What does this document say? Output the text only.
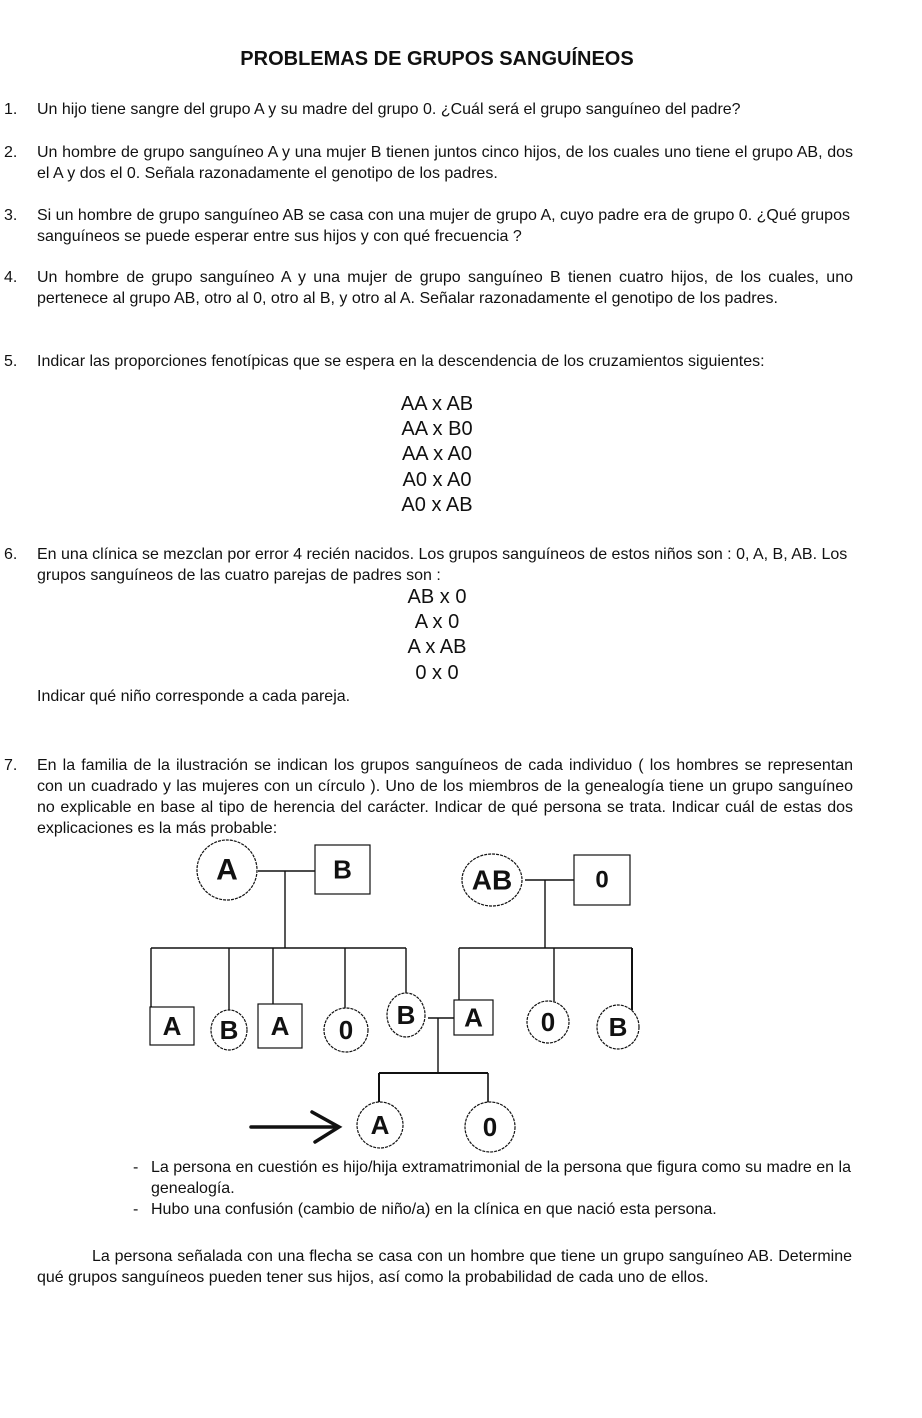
PROBLEMAS DE GRUPOS SANGUÍNEOS
1. Un hijo tiene sangre del grupo A y su madre del grupo 0. ¿Cuál será el grupo sanguíneo del padre?
2. Un hombre de grupo sanguíneo A y una mujer B tienen juntos cinco hijos, de los cuales uno tiene el grupo AB, dos el A y dos el 0. Señala razonadamente el genotipo de los padres.
3. Si un hombre de grupo sanguíneo AB se casa con una mujer de grupo A, cuyo padre era de grupo 0. ¿Qué grupos sanguíneos se puede esperar entre sus hijos y con qué frecuencia ?
4. Un hombre de grupo sanguíneo A y una mujer de grupo sanguíneo B tienen cuatro hijos, de los cuales, uno pertenece al grupo AB, otro al 0, otro al B, y otro al A. Señalar razonadamente el genotipo de los padres.
5. Indicar las proporciones fenotípicas que se espera en la descendencia de los cruzamientos siguientes:
AA x AB
AA x B0
AA x A0
A0 x A0
A0 x AB
6. En una clínica se mezclan por error 4 recién nacidos. Los grupos sanguíneos de estos niños son : 0, A, B, AB. Los grupos sanguíneos de las cuatro parejas de padres son :
AB x 0
A x 0
A x AB
0 x 0
Indicar qué niño corresponde a cada pareja.
7. En la familia de la ilustración se indican los grupos sanguíneos de cada individuo ( los hombres se representan con un cuadrado y las mujeres con un círculo ). Uno de los miembros de la genealogía tiene un grupo sanguíneo no explicable en base al tipo de herencia del carácter. Indicar de qué persona se trata. Indicar cuál de estas dos explicaciones es la más probable:
A	B	AB	0
A B A 0 B A 0 B
A	0
- La persona en cuestión es hijo/hija extramatrimonial de la persona que figura como su madre en la genealogía.
- Hubo una confusión (cambio de niño/a) en la clínica en que nació esta persona.
La persona señalada con una flecha se casa con un hombre que tiene un grupo sanguíneo AB. Determine qué grupos sanguíneos pueden tener sus hijos, así como la probabilidad de cada uno de ellos.
